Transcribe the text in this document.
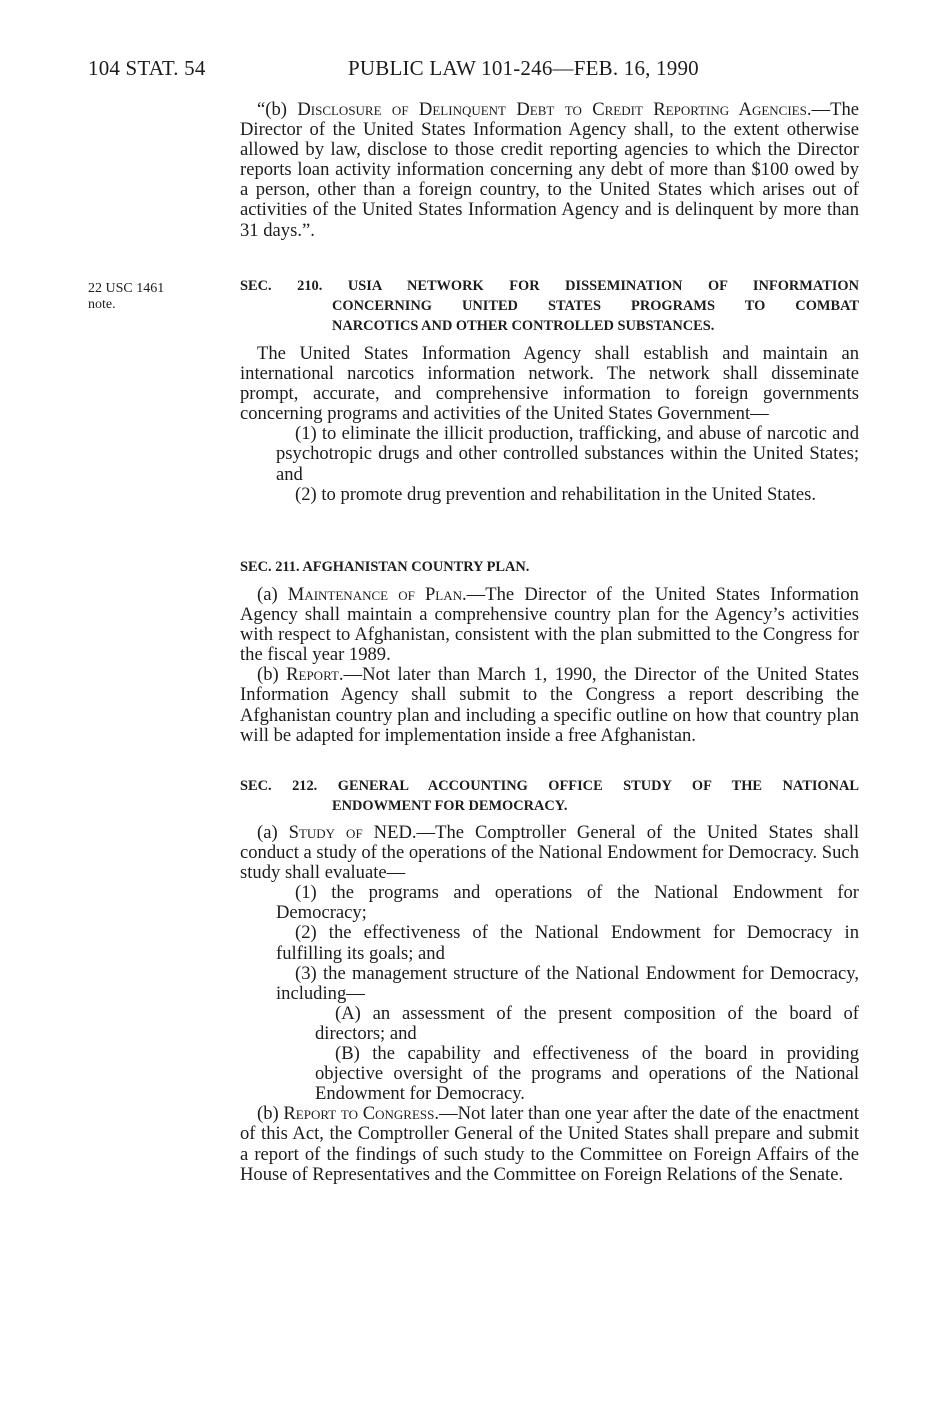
104 STAT. 54	PUBLIC LAW 101-246—FEB. 16, 1990

“(b) Disclosure of Delinquent Debt to Credit Reporting Agencies.—The Director of the United States Information Agency shall, to the extent otherwise allowed by law, disclose to those credit reporting agencies to which the Director reports loan activity information concerning any debt of more than $100 owed by a person, other than a foreign country, to the United States which arises out of activities of the United States Information Agency and is delinquent by more than 31 days.”.

22 USC 1461
note.
SEC. 210. USIA NETWORK FOR DISSEMINATION OF INFORMATION
CONCERNING UNITED STATES PROGRAMS TO COMBAT
NARCOTICS AND OTHER CONTROLLED SUBSTANCES.

The United States Information Agency shall establish and maintain an international narcotics information network. The network shall disseminate prompt, accurate, and comprehensive information to foreign governments concerning programs and activities of the United States Government—

(1) to eliminate the illicit production, trafficking, and abuse of narcotic and psychotropic drugs and other controlled substances within the United States; and

(2) to promote drug prevention and rehabilitation in the United States.

SEC. 211. AFGHANISTAN COUNTRY PLAN.

(a) Maintenance of Plan.—The Director of the United States Information Agency shall maintain a comprehensive country plan for the Agency’s activities with respect to Afghanistan, consistent with the plan submitted to the Congress for the fiscal year 1989.

(b) Report.—Not later than March 1, 1990, the Director of the United States Information Agency shall submit to the Congress a report describing the Afghanistan country plan and including a specific outline on how that country plan will be adapted for implementation inside a free Afghanistan.

SEC. 212. GENERAL ACCOUNTING OFFICE STUDY OF THE NATIONAL
ENDOWMENT FOR DEMOCRACY.

(a) Study of NED.—The Comptroller General of the United States shall conduct a study of the operations of the National Endowment for Democracy. Such study shall evaluate—

(1) the programs and operations of the National Endowment for Democracy;

(2) the effectiveness of the National Endowment for Democracy in fulfilling its goals; and

(3) the management structure of the National Endowment for Democracy, including—

(A) an assessment of the present composition of the board of directors; and

(B) the capability and effectiveness of the board in providing objective oversight of the programs and operations of the National Endowment for Democracy.

(b) Report to Congress.—Not later than one year after the date of the enactment of this Act, the Comptroller General of the United States shall prepare and submit a report of the findings of such study to the Committee on Foreign Affairs of the House of Representatives and the Committee on Foreign Relations of the Senate.
